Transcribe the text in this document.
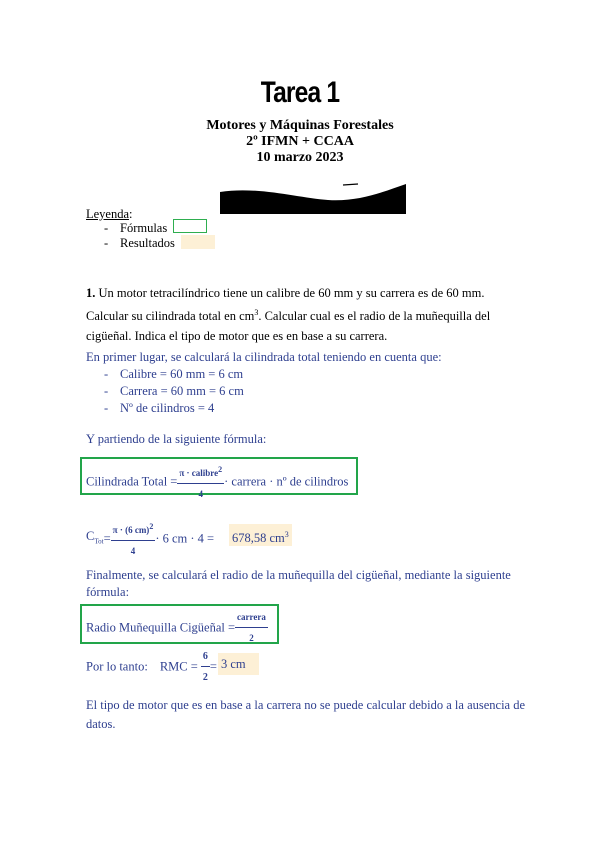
Tarea 1
Motores y Máquinas Forestales
2º IFMN + CCAA
10 marzo 2023
Leyenda:
- Fórmulas
- Resultados
1. Un motor tetracilíndrico tiene un calibre de 60 mm y su carrera es de 60 mm.
Calcular su cilindrada total en $cm^3$. Calcular cual es el radio de la muñequilla del
cigüeñal. Indica el tipo de motor que es en base a su carrera.
En primer lugar, se calculará la cilindrada total teniendo en cuenta que:
- Calibre = 60 mm = 6 cm
- Carrera = 60 mm = 6 cm
- Nº de cilindros = 4
Y partiendo de la siguiente fórmula:
Cilindrada Total = $\frac{\pi \cdot calibre^2}{4}$ · carrera · nº de cilindros
$C_{Tot}= \frac{\pi \cdot (6 cm)^2}{4} \cdot 6$ cm · 4 = 678,58 $cm^3$
Finalmente, se calculará el radio de la muñequilla del cigüeñal, mediante la siguiente
fórmula:
Radio Muñequilla Cigüeñal = $\frac{\text{carrera}}{2}$
Por lo tanto: RMC = $\frac{6}{2} = 3$ cm
El tipo de motor que es en base a la carrera no se puede calcular debido a la ausencia de
datos.
